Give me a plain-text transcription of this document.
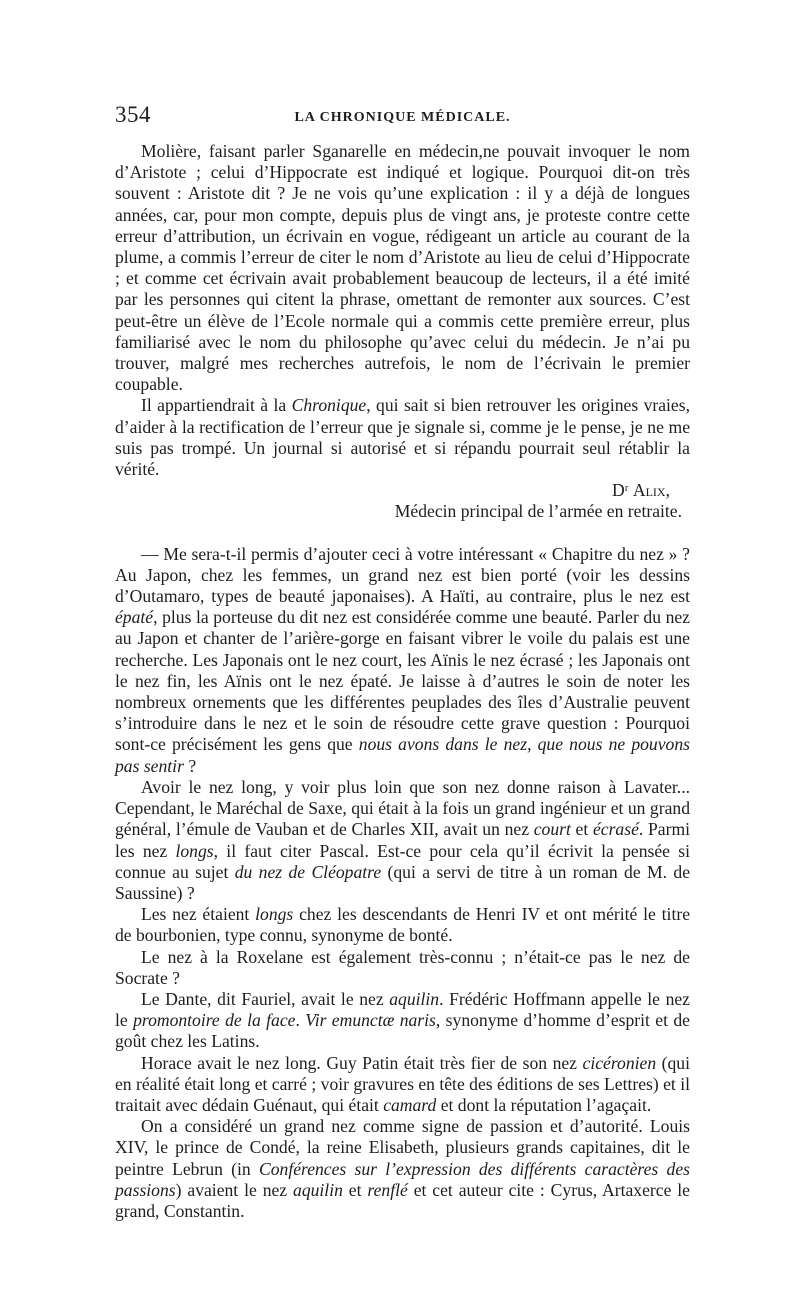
354	LA CHRONIQUE MÉDICALE.

Molière, faisant parler Sganarelle en médecin,ne pouvait invoquer le nom d’Aristote ; celui d’Hippocrate est indiqué et logique. Pourquoi dit-on très souvent : Aristote dit ? Je ne vois qu’une explication : il y a déjà de longues années, car, pour mon compte, depuis plus de vingt ans, je proteste contre cette erreur d’attribution, un écrivain en vogue, rédigeant un article au courant de la plume, a commis l’erreur de citer le nom d’Aristote au lieu de celui d’Hippocrate ; et comme cet écrivain avait probablement beaucoup de lecteurs, il a été imité par les personnes qui citent la phrase, omettant de remonter aux sources. C’est peut-être un élève de l’Ecole normale qui a commis cette première erreur, plus familiarisé avec le nom du philosophe qu’avec celui du médecin. Je n’ai pu trouver, malgré mes recherches autrefois, le nom de l’écrivain le premier coupable.

Il appartiendrait à la Chronique, qui sait si bien retrouver les origines vraies, d’aider à la rectification de l’erreur que je signale si, comme je le pense, je ne me suis pas trompé. Un journal si autorisé et si répandu pourrait seul rétablir la vérité.

Dʳ Alix,
Médecin principal de l’armée en retraite.

— Me sera-t-il permis d’ajouter ceci à votre intéressant « Chapitre du nez » ? Au Japon, chez les femmes, un grand nez est bien porté (voir les dessins d’Outamaro, types de beauté japonaises). A Haïti, au contraire, plus le nez est épaté, plus la porteuse du dit nez est considérée comme une beauté. Parler du nez au Japon et chanter de l’arière-gorge en faisant vibrer le voile du palais est une recherche. Les Japonais ont le nez court, les Aïnis le nez écrasé ; les Japonais ont le nez fin, les Aïnis ont le nez épaté. Je laisse à d’autres le soin de noter les nombreux ornements que les différentes peuplades des îles d’Australie peuvent s’introduire dans le nez et le soin de résoudre cette grave question : Pourquoi sont-ce précisément les gens que nous avons dans le nez, que nous ne pouvons pas sentir ?

Avoir le nez long, y voir plus loin que son nez donne raison à Lavater... Cependant, le Maréchal de Saxe, qui était à la fois un grand ingénieur et un grand général, l’émule de Vauban et de Charles XII, avait un nez court et écrasé. Parmi les nez longs, il faut citer Pascal. Est-ce pour cela qu’il écrivit la pensée si connue au sujet du nez de Cléopatre (qui a servi de titre à un roman de M. de Saussine) ?

Les nez étaient longs chez les descendants de Henri IV et ont mérité le titre de bourbonien, type connu, synonyme de bonté.

Le nez à la Roxelane est également très-connu ; n’était-ce pas le nez de Socrate ?

Le Dante, dit Fauriel, avait le nez aquilin. Frédéric Hoffmann appelle le nez le promontoire de la face. Vir emunctæ naris, synonyme d’homme d’esprit et de goût chez les Latins.

Horace avait le nez long. Guy Patin était très fier de son nez cicéronien (qui en réalité était long et carré ; voir gravures en tête des éditions de ses Lettres) et il traitait avec dédain Guénaut, qui était camard et dont la réputation l’agaçait.

On a considéré un grand nez comme signe de passion et d’autorité. Louis XIV, le prince de Condé, la reine Elisabeth, plusieurs grands capitaines, dit le peintre Lebrun (in Conférences sur l’expression des différents caractères des passions) avaient le nez aquilin et renflé et cet auteur cite : Cyrus, Artaxerce le grand, Constantin.
